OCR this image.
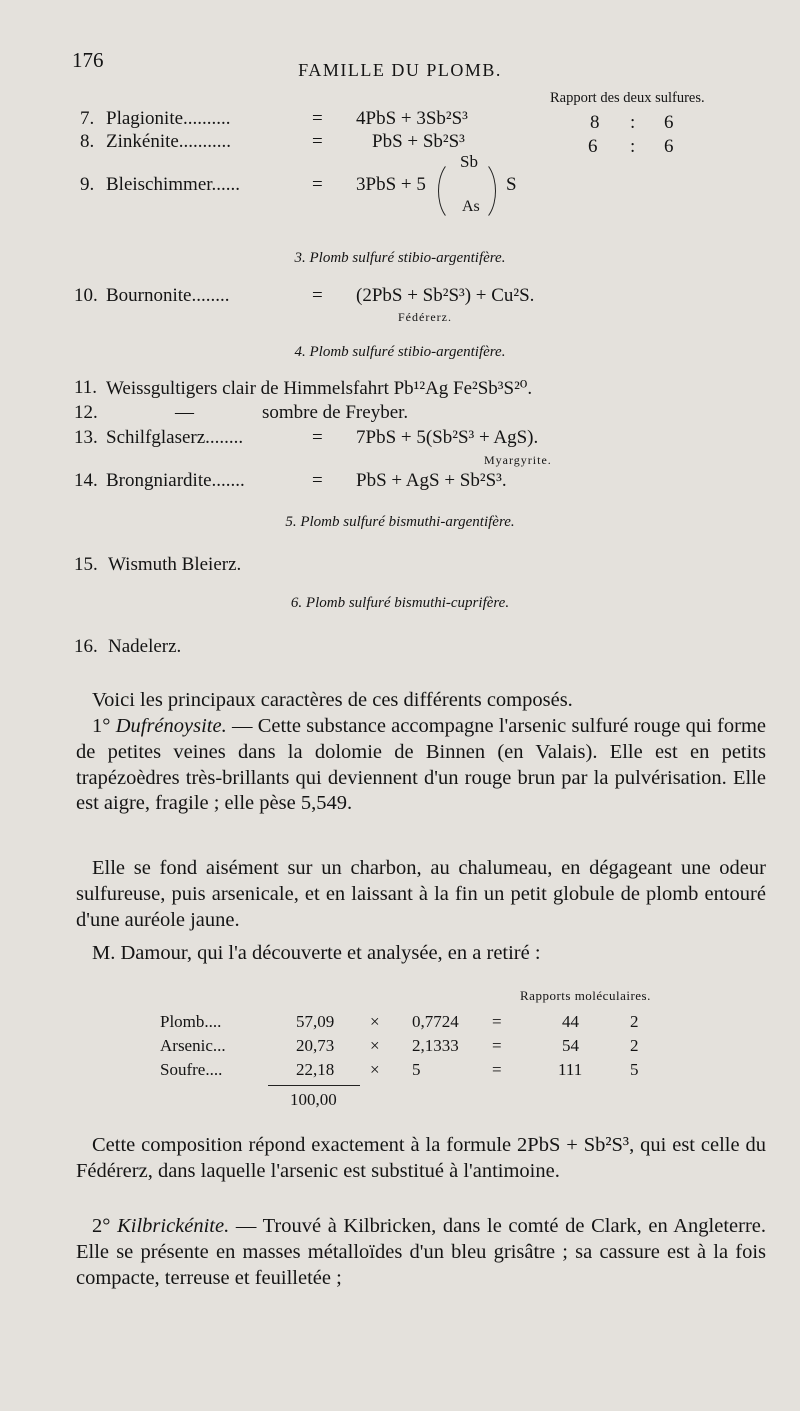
176	FAMILLE DU PLOMB.
Rapport des deux sulfures.
7. Plagionite..........	= 4PbS + 3Sb²S³	8 : 6
8. Zinkénite...........	=	PbS + Sb²S³	6 : 6
9. Bleischimmer......	= 3PbS + 5
Sb
As
S
3. Plomb sulfuré stibio-argentifère.
10. Bournonite........	= (2PbS + Sb²S³) + Cu²S.
Fédérerz.
4. Plomb sulfuré stibio-argentifère.
11. Weissgultigers clair de Himmelsfahrt Pb¹²Ag Fe²Sb³S²⁰.
12.	—	sombre de Freyber.
13. Schilfglaserz........	= 7PbS + 5(Sb²S³ + AgS).
Myargyrite.
14. Brongniardite.......	= PbS + AgS + Sb²S³.
5. Plomb sulfuré bismuthi-argentifère.
15. Wismuth Bleierz.
6. Plomb sulfuré bismuthi-cuprifère.
16. Nadelerz.
Voici les principaux caractères de ces différents composés.
1° Dufrénoysite. — Cette substance accompagne l'arsenic sulfuré rouge qui forme de petites veines dans la dolomie de Binnen (en Valais). Elle est en petits trapézoèdres très-brillants qui deviennent d'un rouge brun par la pulvérisation. Elle est aigre, fragile ; elle pèse 5,549.
Elle se fond aisément sur un charbon, au chalumeau, en dégageant une odeur sulfureuse, puis arsenicale, et en laissant à la fin un petit globule de plomb entouré d'une auréole jaune.
M. Damour, qui l'a découverte et analysée, en a retiré :
Rapports moléculaires.
Plomb....	57,09 × 0,7724 =	44	2
Arsenic...	20,73 × 2,1333 =	54	2
Soufre....	22,18 × 5	=	111	5
100,00
Cette composition répond exactement à la formule 2PbS + Sb²S³, qui est celle du Fédérerz, dans laquelle l'arsenic est substitué à l'antimoine.
2° Kilbrickénite. — Trouvé à Kilbricken, dans le comté de Clark, en Angleterre. Elle se présente en masses métalloïdes d'un bleu grisâtre ; sa cassure est à la fois compacte, terreuse et feuilletée ;
